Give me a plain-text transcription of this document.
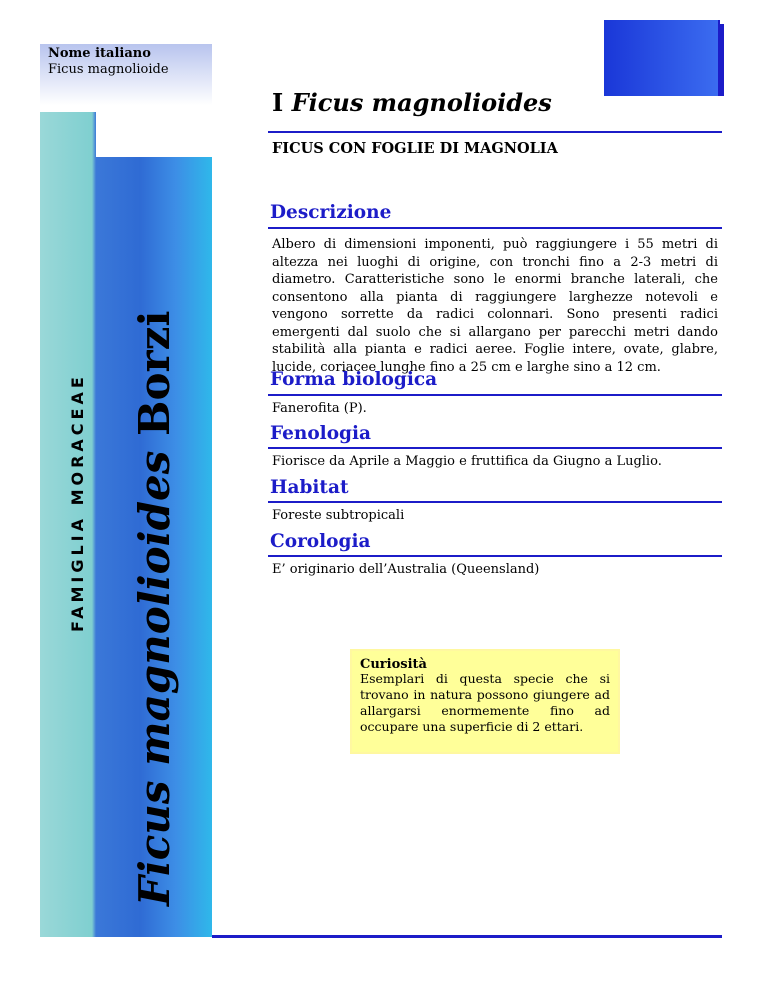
Nome italiano
Ficus magnolioide
FAMIGLIA MORACEAE Ficus magnolioides Borzi
I Ficus magnolioides
FICUS CON FOGLIE DI MAGNOLIA
Descrizione
Albero di dimensioni imponenti, può raggiungere i 55 metri di altezza nei luoghi di origine, con tronchi fino a 2-3 metri di diametro. Caratteristiche sono le enormi branche laterali, che consentono alla pianta di raggiungere larghezze notevoli e vengono sorrette da radici colonnari. Sono presenti radici emergenti dal suolo che si allargano per parecchi metri dando stabilità alla pianta e radici aeree. Foglie intere, ovate, glabre, lucide, coriacee lunghe fino a 25 cm e larghe sino a 12 cm.
Forma biologica
Fanerofita (P).
Fenologia
Fiorisce da Aprile a Maggio e fruttifica da Giugno a Luglio.
Habitat
Foreste subtropicali
Corologia
E’ originario dell’Australia (Queensland)
Curiosità
Esemplari di questa specie che si trovano in natura possono giungere ad allargarsi enormemente fino ad occupare una superficie di 2 ettari.
